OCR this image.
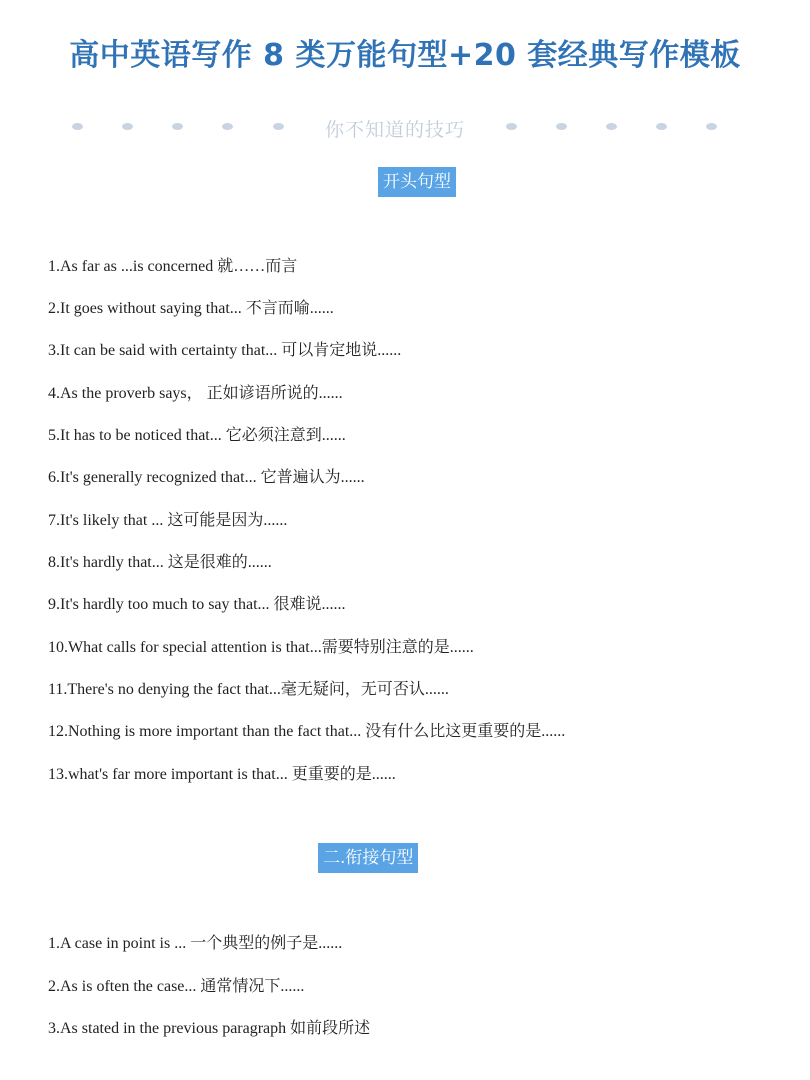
高中英语写作 8 类万能句型+20 套经典写作模板
你不知道的技巧
开头句型
1.As far as ...is concerned 就……而言
2.It goes without saying that... 不言而喻......
3.It can be said with certainty that... 可以肯定地说......
4.As the proverb says， 正如谚语所说的......
5.It has to be noticed that... 它必须注意到......
6.It's generally recognized that... 它普遍认为......
7.It's likely that ... 这可能是因为......
8.It's hardly that... 这是很难的......
9.It's hardly too much to say that... 很难说......
10.What calls for special attention is that...需要特别注意的是......
11.There's no denying the fact that...毫无疑问，无可否认......
12.Nothing is more important than the fact that... 没有什么比这更重要的是......
13.what's far more important is that... 更重要的是......
二.衔接句型
1.A case in point is ... 一个典型的例子是......
2.As is often the case... 通常情况下......
3.As stated in the previous paragraph 如前段所述
